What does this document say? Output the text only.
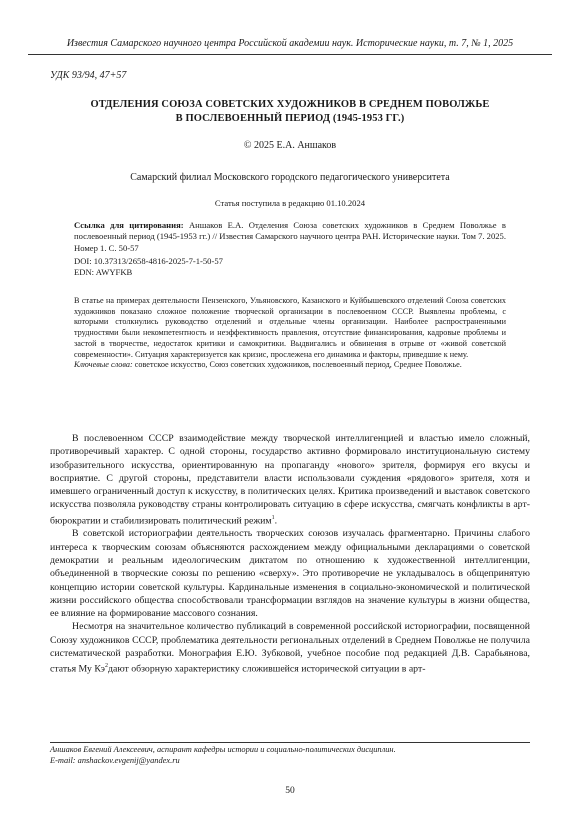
Известия Самарского научного центра Российской академии наук. Исторические науки, т. 7, № 1, 2025
УДК 93/94, 47+57
ОТДЕЛЕНИЯ СОЮЗА СОВЕТСКИХ ХУДОЖНИКОВ В СРЕДНЕМ ПОВОЛЖЬЕ
В ПОСЛЕВОЕННЫЙ ПЕРИОД (1945-1953 ГГ.)
© 2025 Е.А. Аншаков
Самарский филиал Московского городского педагогического университета
Статья поступила в редакцию 01.10.2024
Ссылка для цитирования: Аншаков Е.А. Отделения Союза советских художников в Среднем Поволжье в послевоенный период (1945-1953 гг.) // Известия Самарского научного центра РАН. Исторические науки. Том 7. 2025. Номер 1. С. 50-57
DOI: 10.37313/2658-4816-2025-7-1-50-57
EDN: AWYFKB
В статье на примерах деятельности Пензенского, Ульяновского, Казанского и Куйбышевского отделений Союза советских художников показано сложное положение творческой организации в послевоенном СССР. Выявлены проблемы, с которыми столкнулись руководство отделений и отдельные члены организации. Наиболее распространенными трудностями были некомпетентность и неэффективность правления, отсутствие финансирования, кадровые проблемы и застой в творчестве, недостаток критики и самокритики. Выдвигались и обвинения в отрыве от «живой советской современности». Ситуация характеризуется как кризис, прослежена его динамика и факторы, приведшие к нему.
Ключевые слова: советское искусство, Союз советских художников, послевоенный период, Среднее Поволжье.

В послевоенном СССР взаимодействие между творческой интеллигенцией и властью имело сложный, противоречивый характер. С одной стороны, государство активно формировало институциональную систему изобразительного искусства, ориентированную на пропаганду «нового» зрителя, формируя его вкусы и восприятие. С другой стороны, представители власти использовали суждения «рядового» зрителя, хотя и имевшего ограниченный доступ к искусству, в политических целях. Критика произведений и выставок советского искусства позволяла руководству страны контролировать ситуацию в сфере искусства, смягчать конфликты в арт-бюрократии и стабилизировать политический режим$^1$.

В советской историографии деятельность творческих союзов изучалась фрагментарно. Причины слабого интереса к творческим союзам объясняются расхождением между официальными декларациями о советской демократии и реальным идеологическим диктатом по отношению к художественной интеллигенции, объединенной в творческие союзы по решению «сверху». Это противоречие не укладывалось в общепринятую концепцию истории советской культуры. Кардинальные изменения в социально-экономической и политической жизни российского общества способствовали трансформации взглядов на значение культуры в жизни общества, ее влияние на формирование массового сознания.

Несмотря на значительное количество публикаций в современной российской историографии, посвященной Союзу художников СССР, проблематика деятельности региональных отделений в Среднем Поволжье не получила систематической разработки. Монография Е.Ю. Зубковой, учебное пособие под редакцией Д.В. Сарабьянова, статья Му $Кэ^2дают$ обзорную характеристику сложившейся исторической ситуации в арт-

Аншаков Евгений Алексеевич, аспирант кафедры истории и социально-политических дисциплин.
E-mail: anshackov.evgenij@yandex.ru
50
